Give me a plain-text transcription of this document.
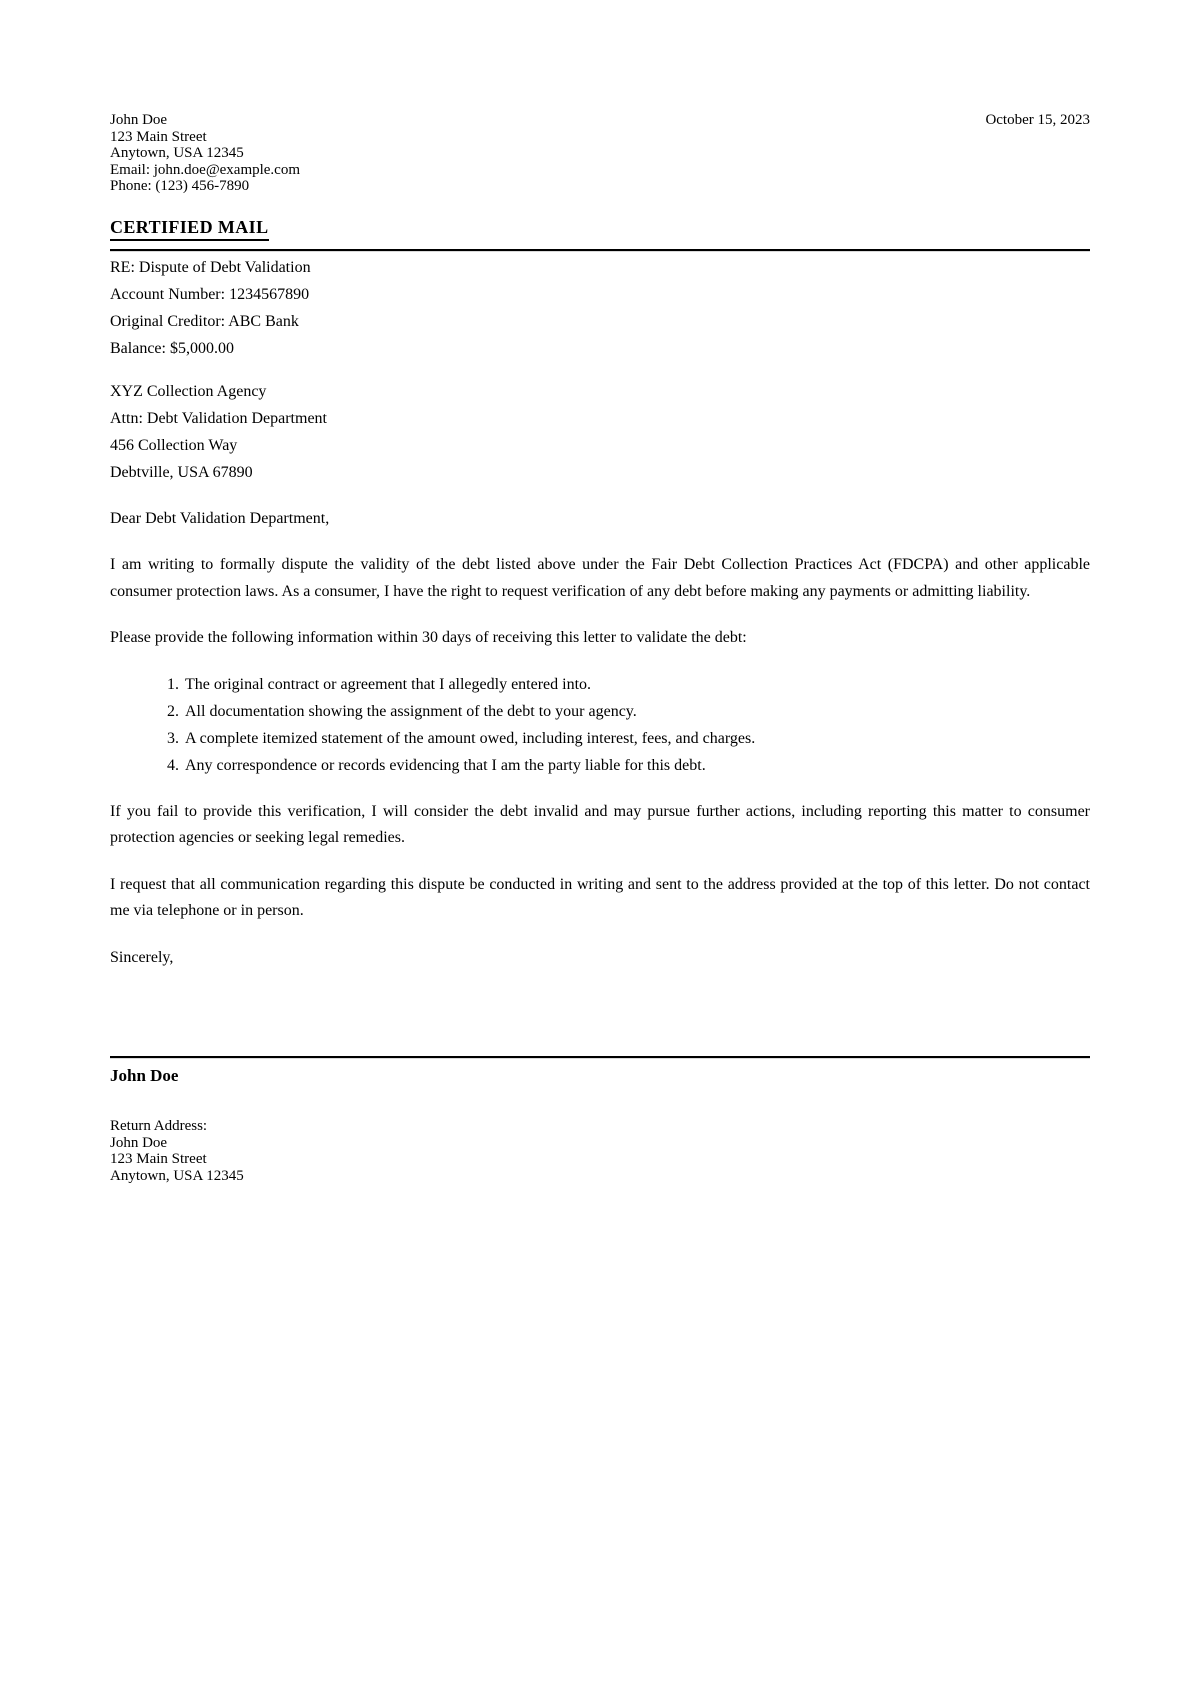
John Doe
123 Main Street
Anytown, USA 12345
Email: john.doe@example.com
Phone: (123) 456-7890
October 15, 2023
CERTIFIED MAIL
RE: Dispute of Debt Validation
Account Number: 1234567890
Original Creditor: ABC Bank
Balance: $5,000.00
XYZ Collection Agency
Attn: Debt Validation Department
456 Collection Way
Debtville, USA 67890

Dear Debt Validation Department,

I am writing to formally dispute the validity of the debt listed above under the Fair Debt Collection Practices Act (FDCPA) and other applicable consumer protection laws. As a consumer, I have the right to request verification of any debt before making any payments or admitting liability.

Please provide the following information within 30 days of receiving this letter to validate the debt:

1. The original contract or agreement that I allegedly entered into.
2. All documentation showing the assignment of the debt to your agency.
3. A complete itemized statement of the amount owed, including interest, fees, and charges.
4. Any correspondence or records evidencing that I am the party liable for this debt.

If you fail to provide this verification, I will consider the debt invalid and may pursue further actions, including reporting this matter to consumer protection agencies or seeking legal remedies.

I request that all communication regarding this dispute be conducted in writing and sent to the address provided at the top of this letter. Do not contact me via telephone or in person.

Sincerely,

John Doe
Return Address:
John Doe
123 Main Street
Anytown, USA 12345
